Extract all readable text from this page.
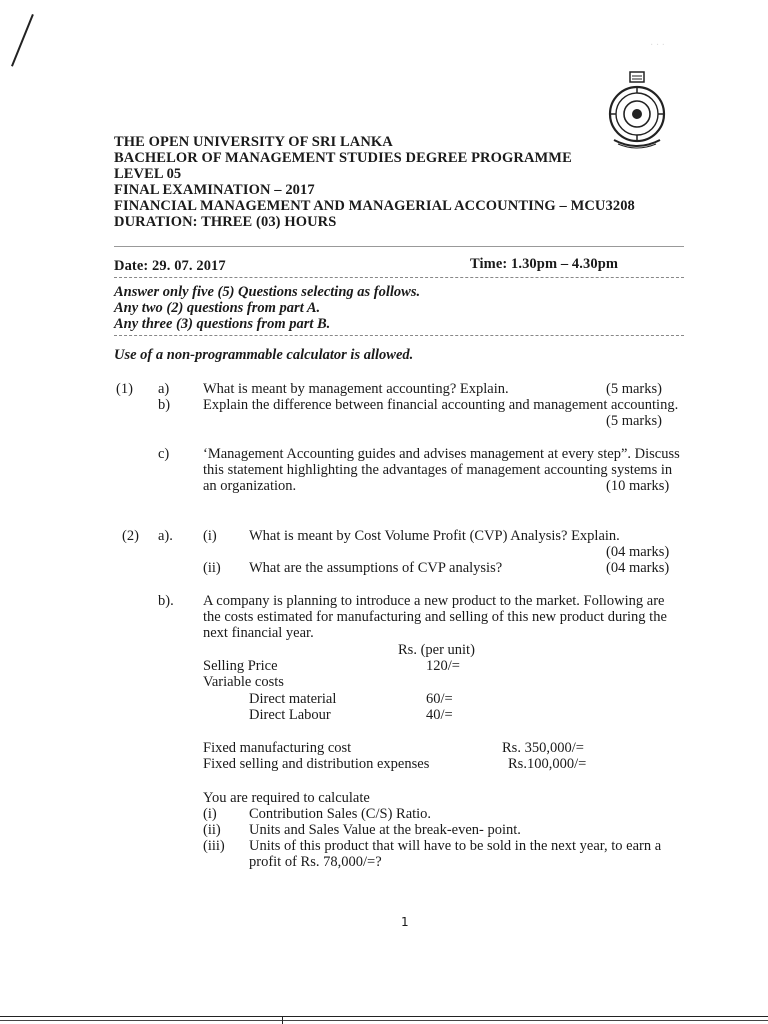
· · ·
THE OPEN UNIVERSITY OF SRI LANKA
BACHELOR OF MANAGEMENT STUDIES DEGREE PROGRAMME
LEVEL 05
FINAL EXAMINATION – 2017
FINANCIAL MANAGEMENT AND MANAGERIAL ACCOUNTING – MCU3208
DURATION: THREE (03) HOURS
Date: 29. 07. 2017	Time: 1.30pm – 4.30pm
Answer only five (5) Questions selecting as follows.
Any two (2) questions from part A.
Any three (3) questions from part B.
Use of a non-programmable calculator is allowed.
(1) a) What is meant by management accounting? Explain.	(5 marks)
b) Explain the difference between financial accounting and management accounting.
(5 marks)
c) ‘Management Accounting guides and advises management at every step”. Discuss
this statement highlighting the advantages of management accounting systems in
an organization.	(10 marks)
(2) a). (i) What is meant by Cost Volume Profit (CVP) Analysis? Explain.
(04 marks)
(ii) What are the assumptions of CVP analysis?	(04 marks)
b). A company is planning to introduce a new product to the market. Following are
the costs estimated for manufacturing and selling of this new product during the
next financial year.
Rs. (per unit)
Selling Price	120/=
Variable costs
Direct material	60/=
Direct Labour	40/=
Fixed manufacturing cost	Rs. 350,000/=
Fixed selling and distribution expenses	Rs.100,000/=
You are required to calculate
(i) Contribution Sales (C/S) Ratio.
(ii) Units and Sales Value at the break-even- point.
(iii) Units of this product that will have to be sold in the next year, to earn a
profit of Rs. 78,000/=?
1
